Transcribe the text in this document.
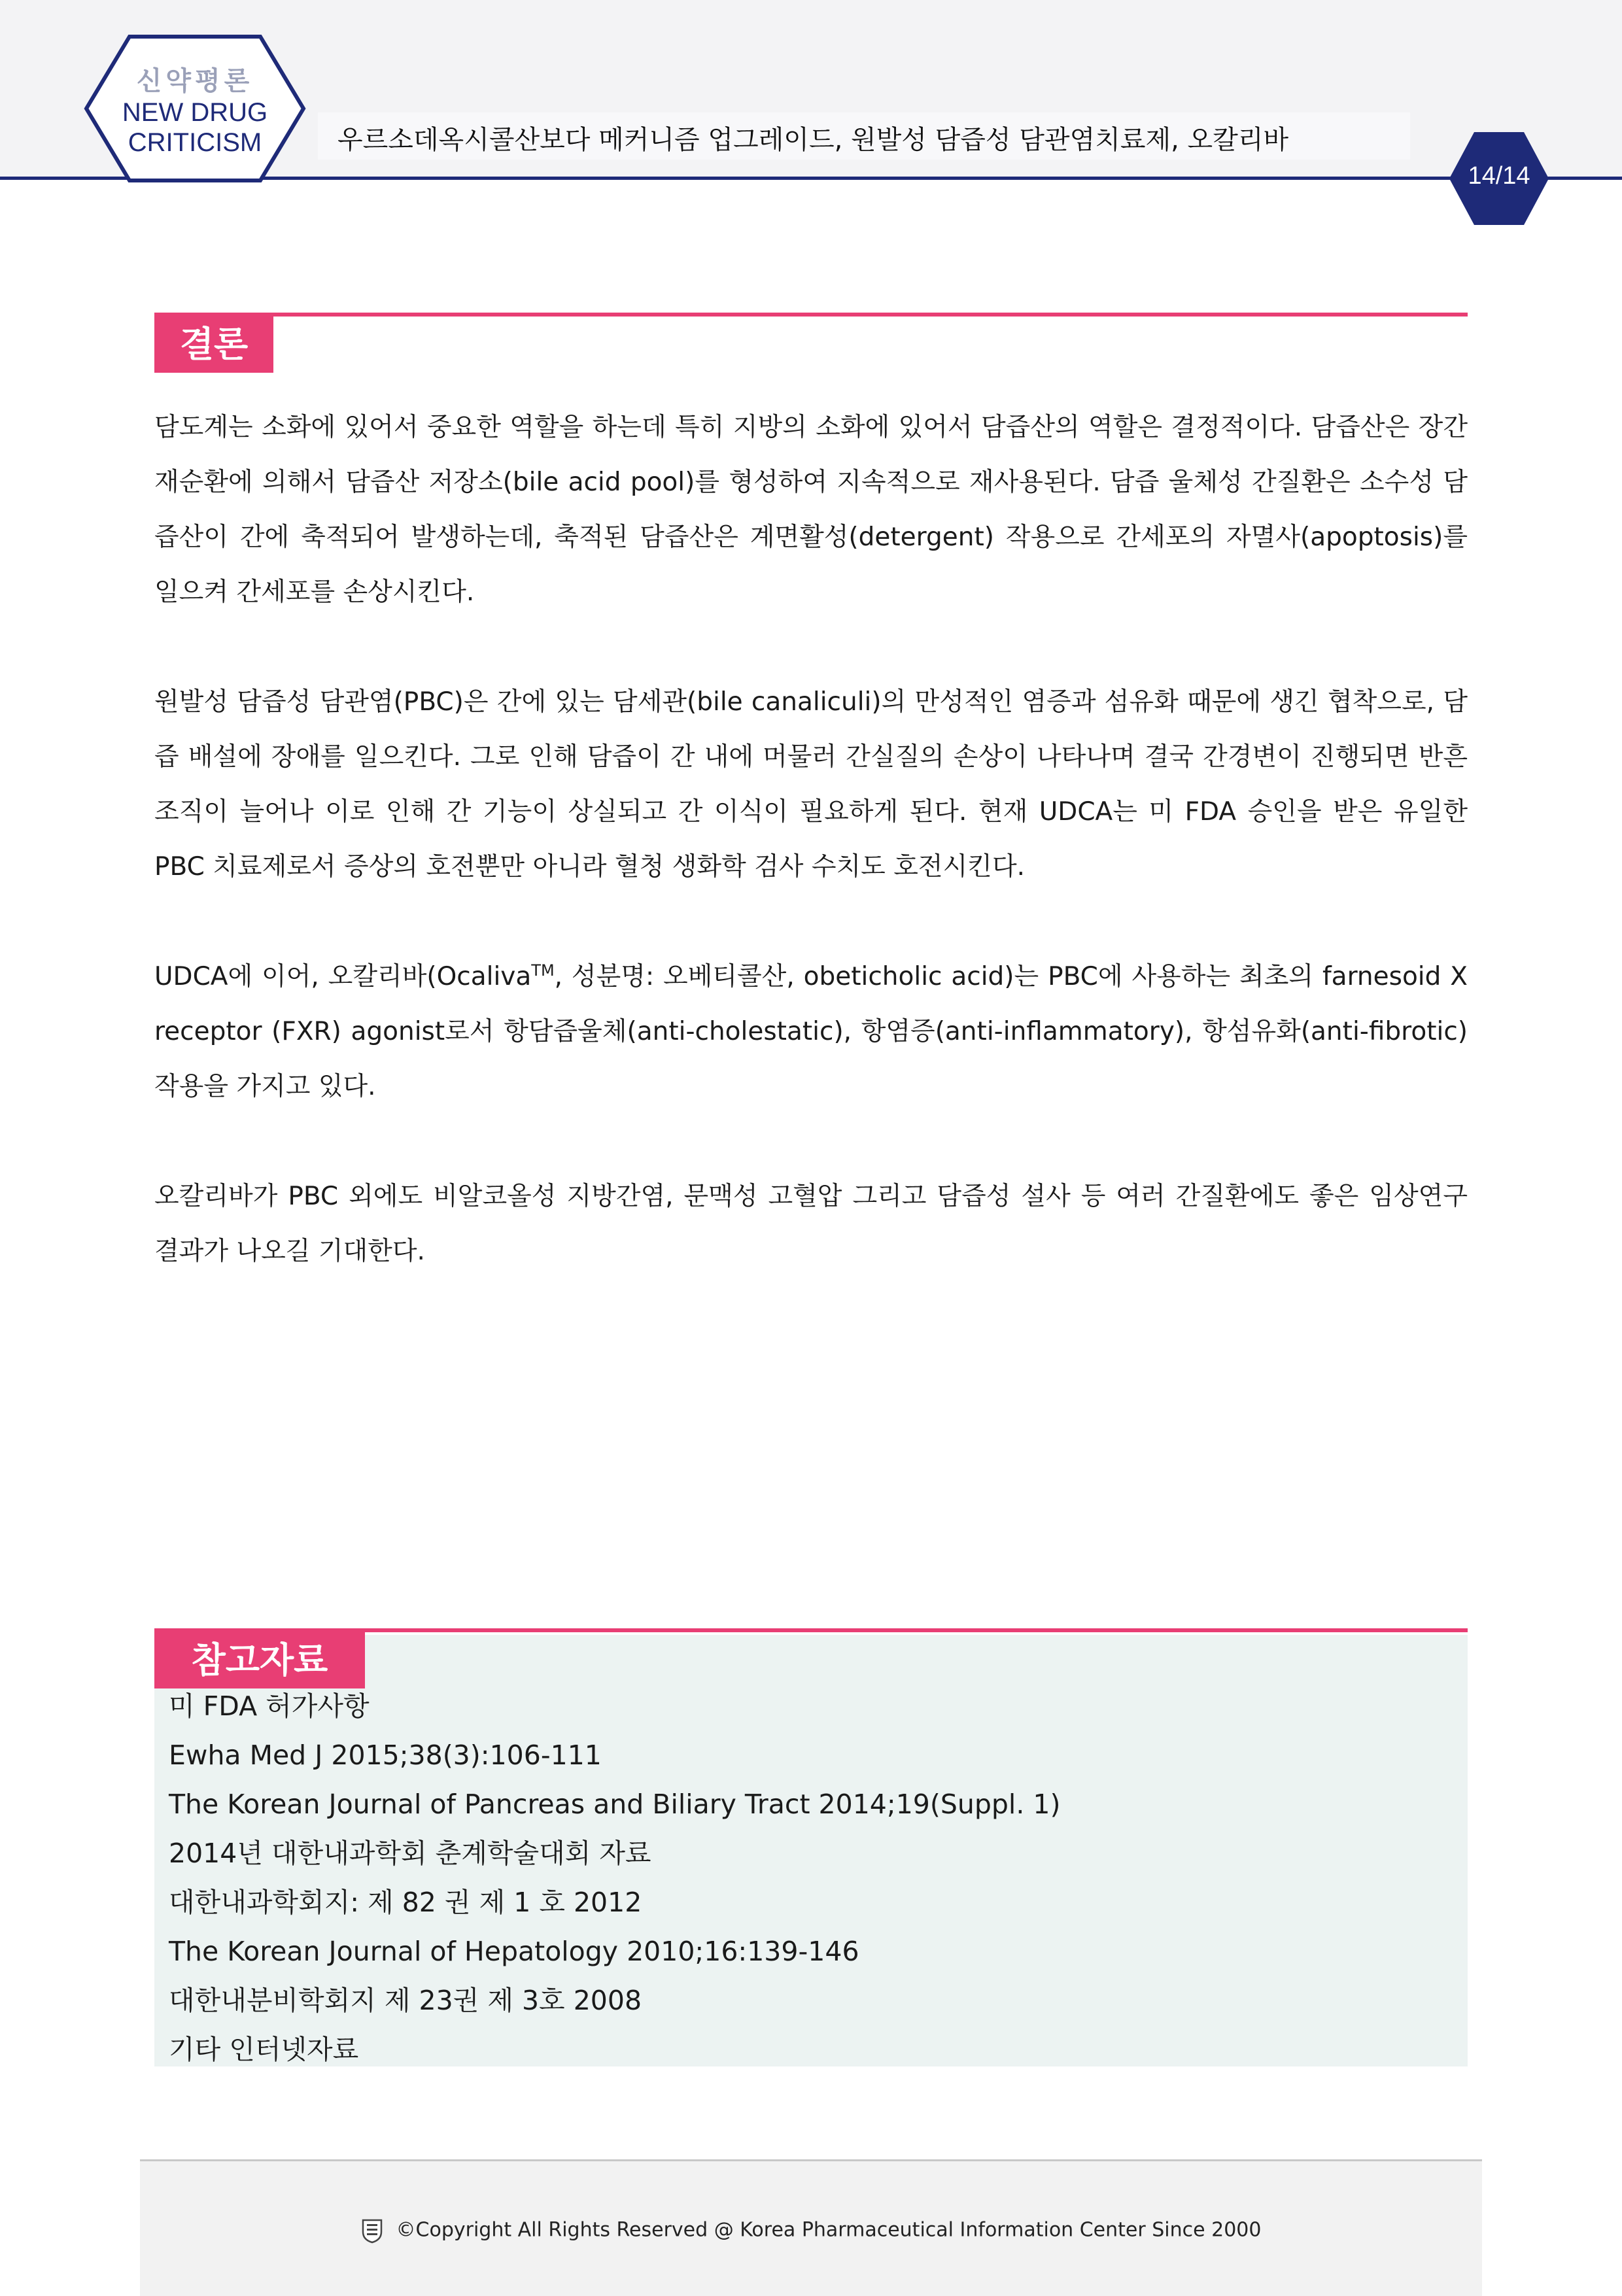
신약평론
NEW DRUG
CRITICISM	우르소데옥시콜산보다 메커니즘 업그레이드, 원발성 담즙성 담관염치료제, 오칼리바
14/14
결론

담도계는 소화에 있어서 중요한 역할을 하는데 특히 지방의 소화에 있어서 담즙산의 역할은 결정적이다. 담즙산은 장간 재순환에 의해서 담즙산 저장소(bile acid pool)를 형성하여 지속적으로 재사용된다. 담즙 울체성 간질환은 소수성 담즙산이 간에 축적되어 발생하는데, 축적된 담즙산은 계면활성(detergent) 작용으로 간세포의 자멸사(apoptosis)를 일으켜 간세포를 손상시킨다.

원발성 담즙성 담관염(PBC)은 간에 있는 담세관(bile canaliculi)의 만성적인 염증과 섬유화 때문에 생긴 협착으로, 담즙 배설에 장애를 일으킨다. 그로 인해 담즙이 간 내에 머물러 간실질의 손상이 나타나며 결국 간경변이 진행되면 반흔조직이 늘어나 이로 인해 간 기능이 상실되고 간 이식이 필요하게 된다. 현재 UDCA는 미 FDA 승인을 받은 유일한 PBC 치료제로서 증상의 호전뿐만 아니라 혈청 생화학 검사 수치도 호전시킨다.

UDCA에 이어, 오칼리바(Ocaliva™, 성분명: 오베티콜산, obeticholic acid)는 PBC에 사용하는 최초의 farnesoid X receptor (FXR) agonist로서 항담즙울체(anti-cholestatic), 항염증(anti-inflammatory), 항섬유화(anti-fibrotic) 작용을 가지고 있다.

오칼리바가 PBC 외에도 비알코올성 지방간염, 문맥성 고혈압 그리고 담즙성 설사 등 여러 간질환에도 좋은 임상연구 결과가 나오길 기대한다.

참고자료
미 FDA 허가사항
Ewha Med J 2015;38(3):106-111
The Korean Journal of Pancreas and Biliary Tract 2014;19(Suppl. 1)
2014년 대한내과학회 춘계학술대회 자료
대한내과학회지: 제 82 권 제 1 호 2012
The Korean Journal of Hepatology 2010;16:139-146
대한내분비학회지 제 23권 제 3호 2008
기타 인터넷자료
©Copyright All Rights Reserved @ Korea Pharmaceutical Information Center Since 2000
